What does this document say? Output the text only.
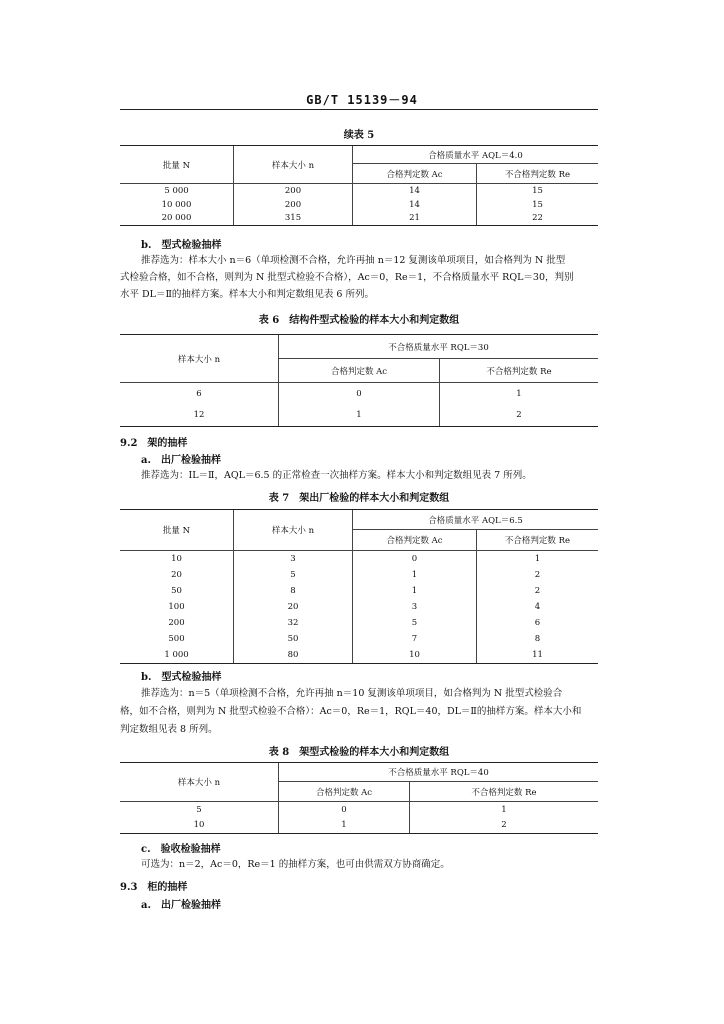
GB/T 15139－94
续表 5
批量 N	样本大小 n	合格质量水平 AQL＝4.0	
		合格判定数 Ac	不合格判定数 Re
5 000	200	14	15
10 000	200	14	15
20 000	315	21	22
b.　型式检验抽样
推荐选为：样本大小 n＝6（单项检测不合格，允许再抽 n＝12 复测该单项项目，如合格判为 N 批型
式检验合格，如不合格，则判为 N 批型式检验不合格），Ac＝0，Re＝1，不合格质量水平 RQL＝30，判别
水平 DL＝Ⅱ的抽样方案。样本大小和判定数组见表 6 所列。
表 6　结构件型式检验的样本大小和判定数组
样本大小 n	不合格质量水平 RQL＝30	
	合格判定数 Ac	不合格判定数 Re
6	0	1
12	1	2
9.2　架的抽样
a.　出厂检验抽样
推荐选为：IL＝Ⅱ，AQL＝6.5 的正常检查一次抽样方案。样本大小和判定数组见表 7 所列。
表 7　架出厂检验的样本大小和判定数组
批量 N	样本大小 n	合格质量水平 AQL＝6.5	
		合格判定数 Ac	不合格判定数 Re
10	3	0	1
20	5	1	2
50	8	1	2
100	20	3	4
200	32	5	6
500	50	7	8
1 000	80	10	11
b.　型式检验抽样
推荐选为：n＝5（单项检测不合格，允许再抽 n＝10 复测该单项项目，如合格判为 N 批型式检验合
格，如不合格，则判为 N 批型式检验不合格）：Ac＝0，Re＝1，RQL＝40，DL＝Ⅱ的抽样方案。样本大小和
判定数组见表 8 所列。
表 8　架型式检验的样本大小和判定数组
样本大小 n	不合格质量水平 RQL＝40	
	合格判定数 Ac	不合格判定数 Re
5	0	1
10	1	2
c.　验收检验抽样
可选为：n＝2，Ac＝0，Re＝1 的抽样方案，也可由供需双方协商确定。
9.3　柜的抽样
a.　出厂检验抽样
